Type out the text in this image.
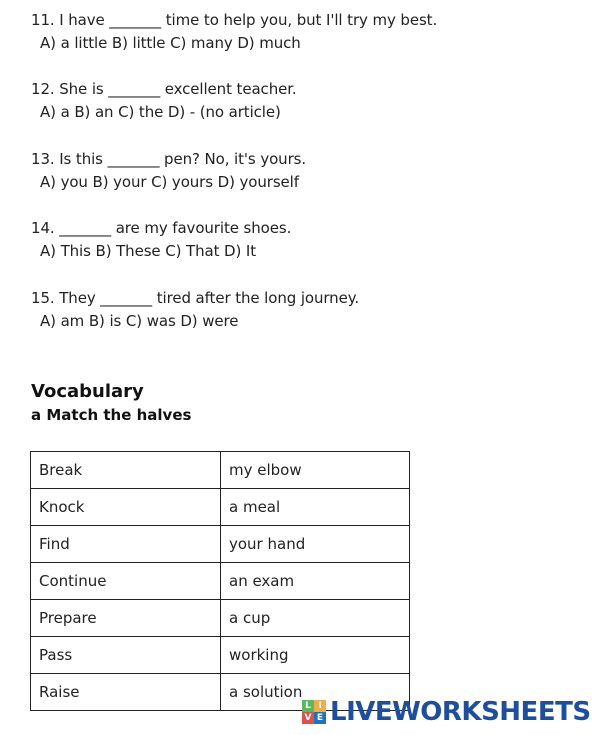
11. I have _______ time to help you, but I'll try my best.
A) a little B) little C) many D) much
12. She is _______ excellent teacher.
A) a B) an C) the D) - (no article)
13. Is this _______ pen? No, it's yours.
A) you B) your C) yours D) yourself
14. _______ are my favourite shoes.
A) This B) These C) That D) It
15. They _______ tired after the long journey.
A) am B) is C) was D) were
Vocabulary
a Match the halves
Break	my elbow
Knock	a meal
Find	your hand
Continue	an exam
Prepare	a cup
Pass	working
Raise	a solution
L I
V E LIVEWORKSHEETS
